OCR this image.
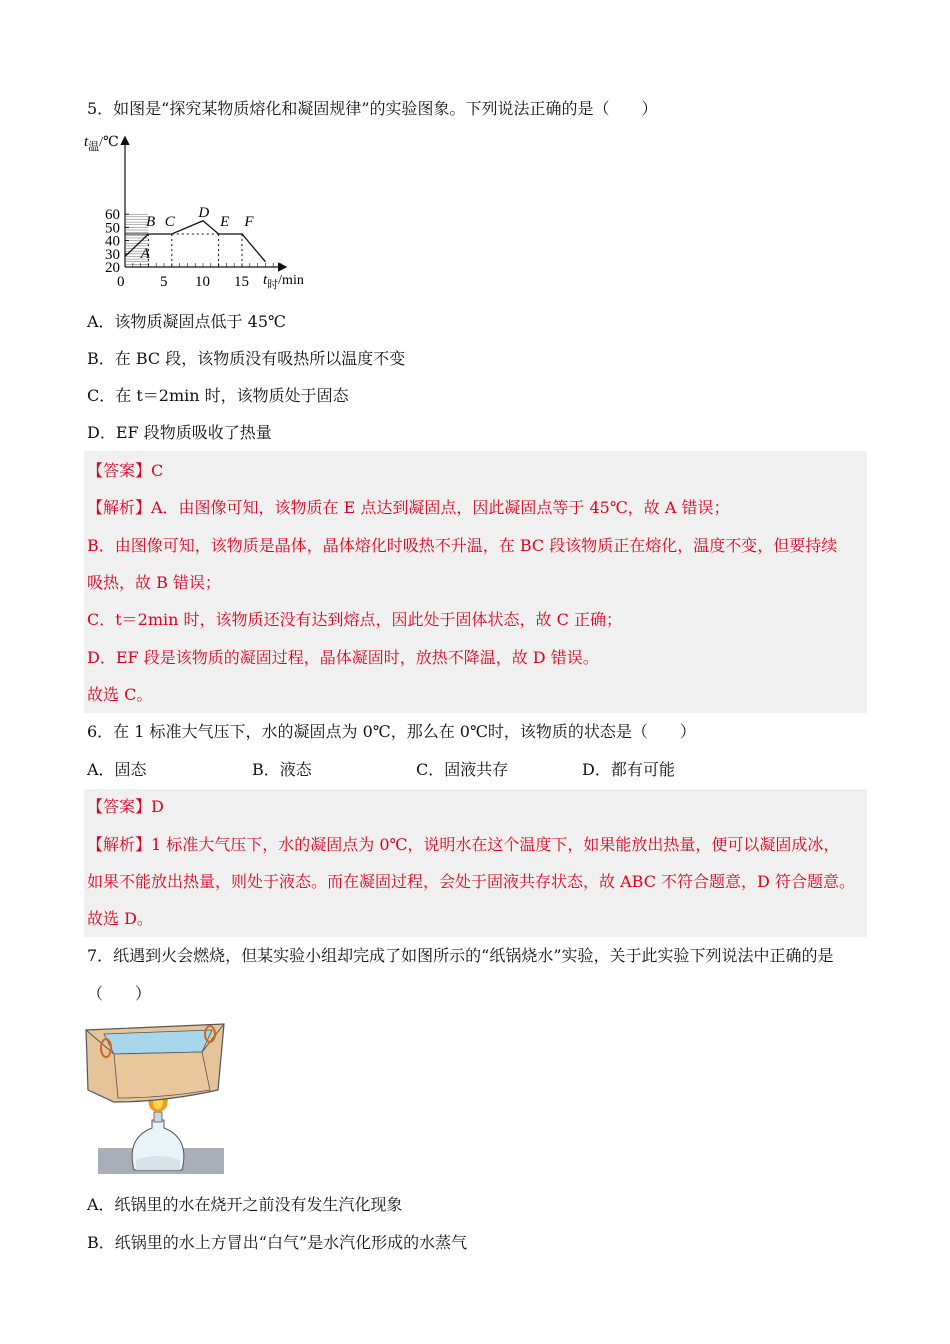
5．如图是“探究某物质熔化和凝固规律”的实验图象。下列说法正确的是（　　）
20
30
40
50
60
0 5 10 15
A
B C
D
E F
$t_温/℃$
$t_时/\min$
A．该物质凝固点低于 45℃
B．在 BC 段，该物质没有吸热所以温度不变
C．在 t＝2min 时，该物质处于固态
D．EF 段物质吸收了热量
【答案】C
【解析】A．由图像可知，该物质在 E 点达到凝固点，因此凝固点等于 45℃，故 A 错误；
B．由图像可知，该物质是晶体，晶体熔化时吸热不升温，在 BC 段该物质正在熔化，温度不变，但要持续
吸热，故 B 错误；
C．t＝2min 时，该物质还没有达到熔点，因此处于固体状态，故 C 正确；
D．EF 段是该物质的凝固过程，晶体凝固时，放热不降温，故 D 错误。
故选 C。
6．在 1 标准大气压下，水的凝固点为 0℃，那么在 0℃时，该物质的状态是（　　）
A．固态	B．液态	C．固液共存	D．都有可能
【答案】D
【解析】1 标准大气压下，水的凝固点为 0℃，说明水在这个温度下，如果能放出热量，便可以凝固成冰，
如果不能放出热量，则处于液态。而在凝固过程，会处于固液共存状态，故 ABC 不符合题意，D 符合题意。
故选 D。
7．纸遇到火会燃烧，但某实验小组却完成了如图所示的“纸锅烧水”实验，关于此实验下列说法中正确的是
（　　）
A．纸锅里的水在烧开之前没有发生汽化现象
B．纸锅里的水上方冒出“白气”是水汽化形成的水蒸气
